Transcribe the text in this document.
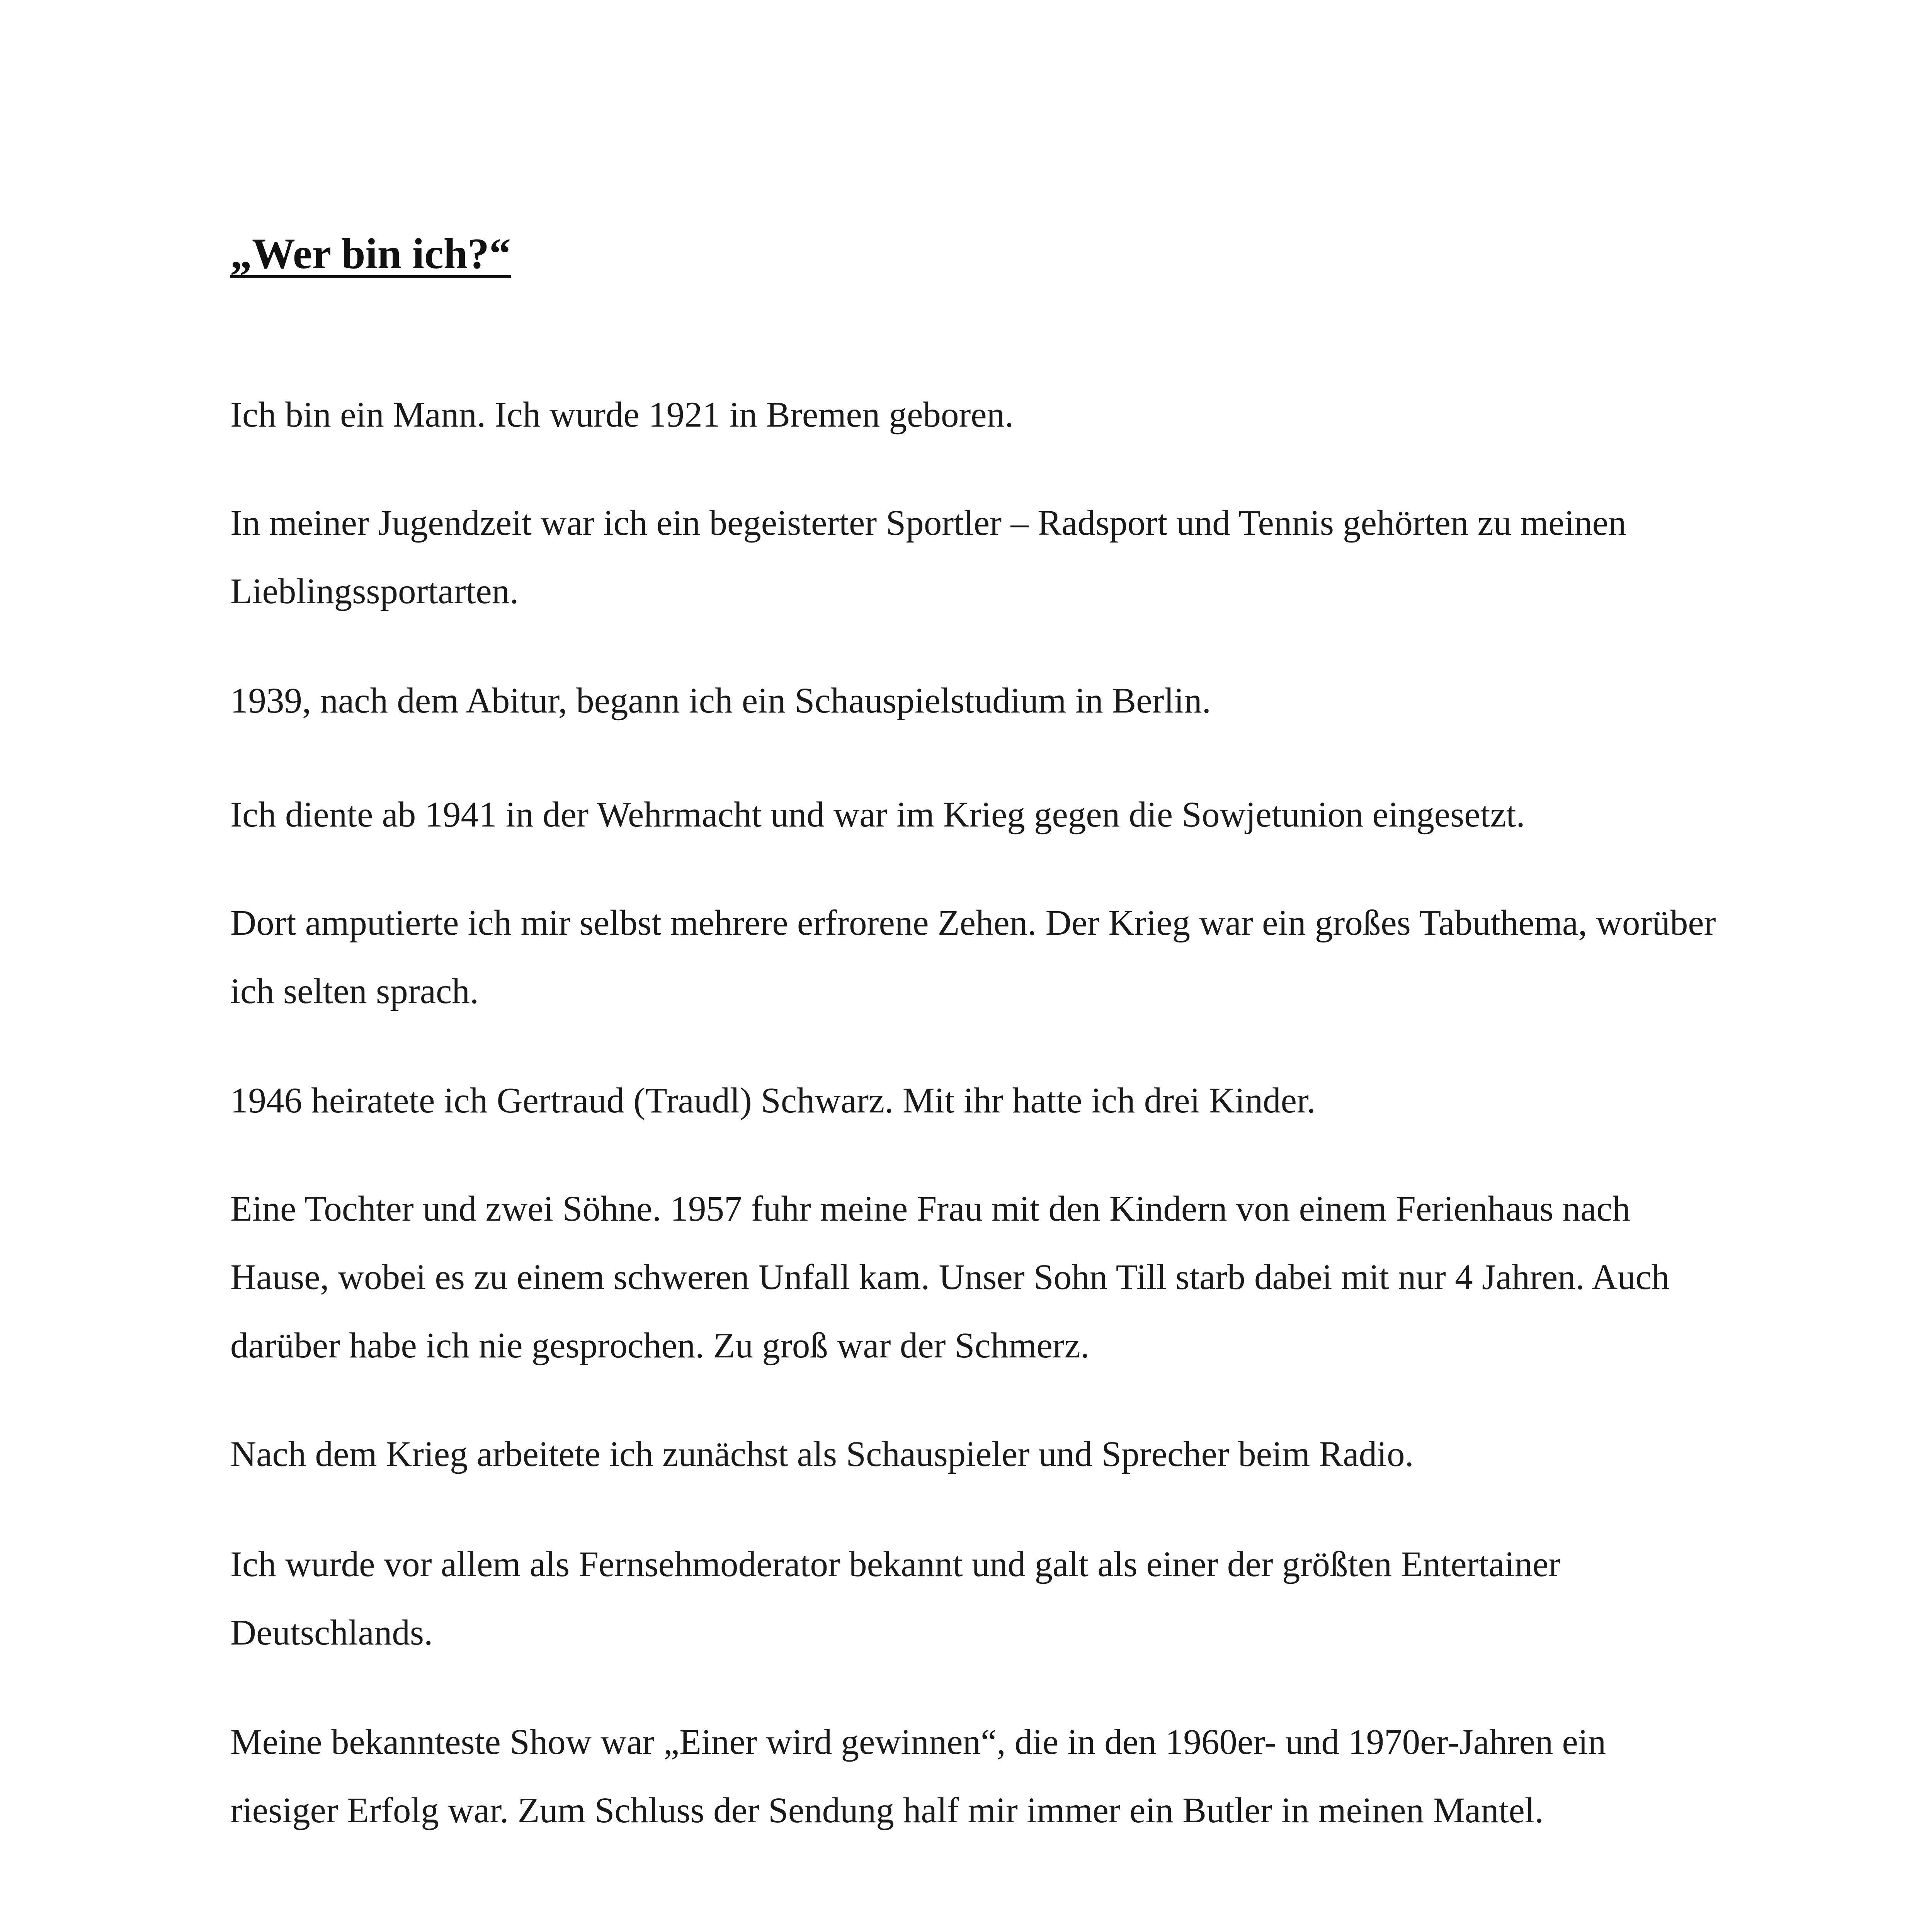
„Wer bin ich?“

Ich bin ein Mann. Ich wurde 1921 in Bremen geboren.

In meiner Jugendzeit war ich ein begeisterter Sportler – Radsport und Tennis gehörten zu meinen Lieblingssportarten.

1939, nach dem Abitur, begann ich ein Schauspielstudium in Berlin.

Ich diente ab 1941 in der Wehrmacht und war im Krieg gegen die Sowjetunion eingesetzt.

Dort amputierte ich mir selbst mehrere erfrorene Zehen. Der Krieg war ein großes Tabuthema, worüber ich selten sprach.

1946 heiratete ich Gertraud (Traudl) Schwarz. Mit ihr hatte ich drei Kinder.

Eine Tochter und zwei Söhne. 1957 fuhr meine Frau mit den Kindern von einem Ferienhaus nach Hause, wobei es zu einem schweren Unfall kam. Unser Sohn Till starb dabei mit nur 4 Jahren. Auch darüber habe ich nie gesprochen. Zu groß war der Schmerz.

Nach dem Krieg arbeitete ich zunächst als Schauspieler und Sprecher beim Radio.

Ich wurde vor allem als Fernsehmoderator bekannt und galt als einer der größten Entertainer Deutschlands.

Meine bekannteste Show war „Einer wird gewinnen“, die in den 1960er- und 1970er-Jahren ein riesiger Erfolg war. Zum Schluss der Sendung half mir immer ein Butler in meinen Mantel.
